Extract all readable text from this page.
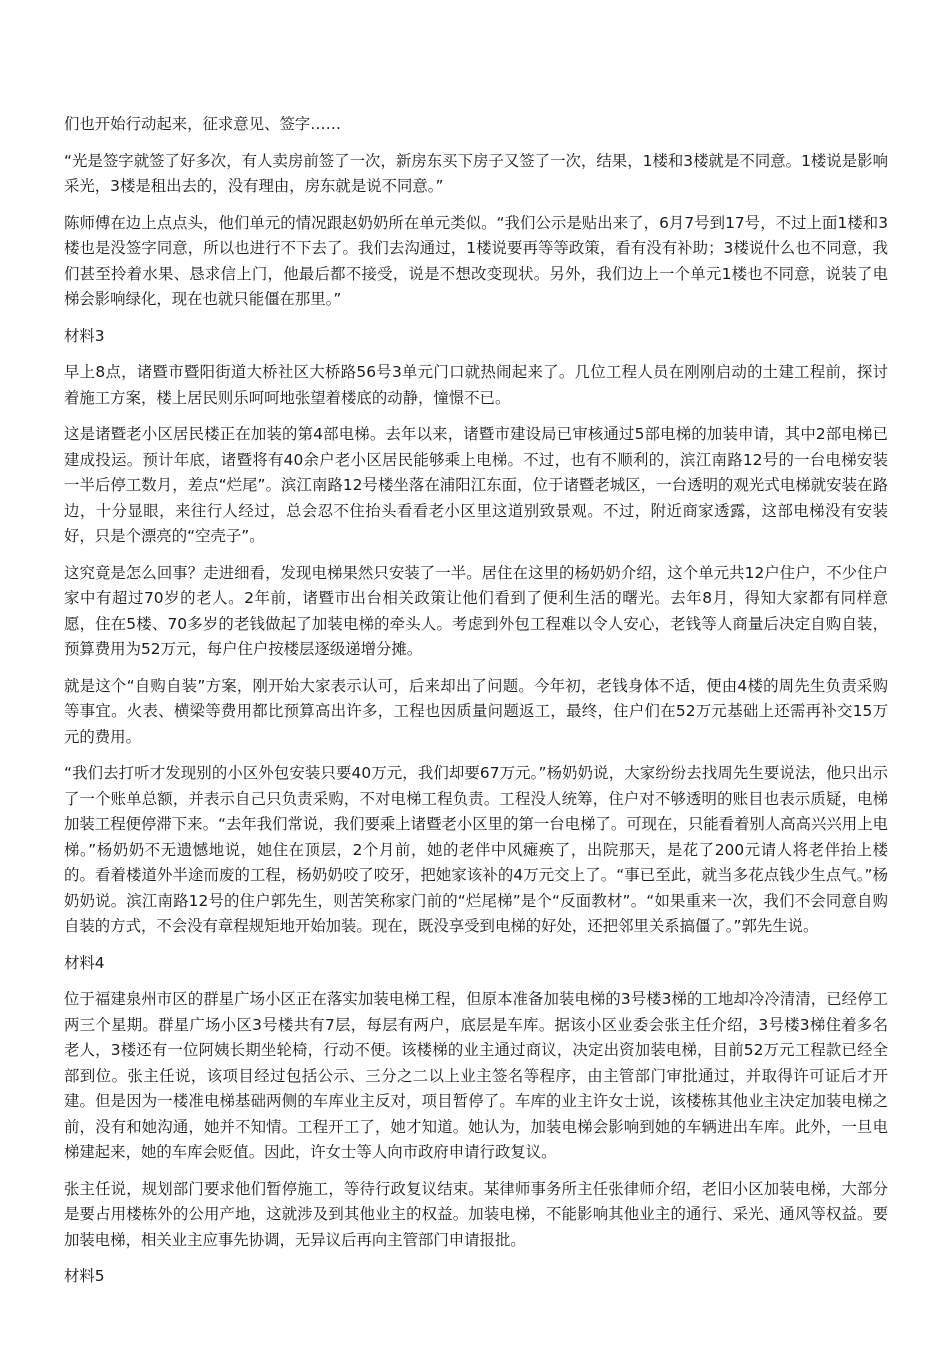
们也开始行动起来，征求意见、签字……

“光是签字就签了好多次，有人卖房前签了一次，新房东买下房子又签了一次，结果，1楼和3楼就是不同意。1楼说是影响采光，3楼是租出去的，没有理由，房东就是说不同意。”

陈师傅在边上点点头，他们单元的情况跟赵奶奶所在单元类似。“我们公示是贴出来了，6月7号到17号，不过上面1楼和3楼也是没签字同意，所以也进行不下去了。我们去沟通过，1楼说要再等等政策，看有没有补助；3楼说什么也不同意，我们甚至拎着水果、恳求信上门，他最后都不接受，说是不想改变现状。另外，我们边上一个单元1楼也不同意，说装了电梯会影响绿化，现在也就只能僵在那里。”

材料3

早上8点，诸暨市暨阳街道大桥社区大桥路56号3单元门口就热闹起来了。几位工程人员在刚刚启动的土建工程前，探讨着施工方案，楼上居民则乐呵呵地张望着楼底的动静，憧憬不已。

这是诸暨老小区居民楼正在加装的第4部电梯。去年以来，诸暨市建设局已审核通过5部电梯的加装申请，其中2部电梯已建成投运。预计年底，诸暨将有40余户老小区居民能够乘上电梯。不过，也有不顺利的，滨江南路12号的一台电梯安装一半后停工数月，差点“烂尾”。滨江南路12号楼坐落在浦阳江东面，位于诸暨老城区，一台透明的观光式电梯就安装在路边，十分显眼，来往行人经过，总会忍不住抬头看看老小区里这道别致景观。不过，附近商家透露，这部电梯没有安装好，只是个漂亮的“空壳子”。

这究竟是怎么回事？走进细看，发现电梯果然只安装了一半。居住在这里的杨奶奶介绍，这个单元共12户住户，不少住户家中有超过70岁的老人。2年前，诸暨市出台相关政策让他们看到了便利生活的曙光。去年8月，得知大家都有同样意愿，住在5楼、70多岁的老钱做起了加装电梯的牵头人。考虑到外包工程难以令人安心，老钱等人商量后决定自购自装，预算费用为52万元，每户住户按楼层逐级递增分摊。

就是这个“自购自装”方案，刚开始大家表示认可，后来却出了问题。今年初，老钱身体不适，便由4楼的周先生负责采购等事宜。火表、横梁等费用都比预算高出许多，工程也因质量问题返工，最终，住户们在52万元基础上还需再补交15万元的费用。

“我们去打听才发现别的小区外包安装只要40万元，我们却要67万元。”杨奶奶说，大家纷纷去找周先生要说法，他只出示了一个账单总额，并表示自己只负责采购，不对电梯工程负责。工程没人统筹，住户对不够透明的账目也表示质疑，电梯加装工程便停滞下来。“去年我们常说，我们要乘上诸暨老小区里的第一台电梯了。可现在，只能看着别人高高兴兴用上电梯。”杨奶奶不无遗憾地说，她住在顶层，2个月前，她的老伴中风瘫痪了，出院那天，是花了200元请人将老伴抬上楼的。看着楼道外半途而废的工程，杨奶奶咬了咬牙，把她家该补的4万元交上了。“事已至此，就当多花点钱少生点气。”杨奶奶说。滨江南路12号的住户郭先生，则苦笑称家门前的“烂尾梯”是个“反面教材”。“如果重来一次，我们不会同意自购自装的方式，不会没有章程规矩地开始加装。现在，既没享受到电梯的好处，还把邻里关系搞僵了。”郭先生说。

材料4

位于福建泉州市区的群星广场小区正在落实加装电梯工程，但原本准备加装电梯的3号楼3梯的工地却冷冷清清，已经停工两三个星期。群星广场小区3号楼共有7层，每层有两户，底层是车库。据该小区业委会张主任介绍，3号楼3梯住着多名老人，3楼还有一位阿姨长期坐轮椅，行动不便。该楼梯的业主通过商议，决定出资加装电梯，目前52万元工程款已经全部到位。张主任说，该项目经过包括公示、三分之二以上业主签名等程序，由主管部门审批通过，并取得许可证后才开建。但是因为一楼准电梯基础两侧的车库业主反对，项目暂停了。车库的业主许女士说，该楼栋其他业主决定加装电梯之前，没有和她沟通，她并不知情。工程开工了，她才知道。她认为，加装电梯会影响到她的车辆进出车库。此外，一旦电梯建起来，她的车库会贬值。因此，许女士等人向市政府申请行政复议。

张主任说，规划部门要求他们暂停施工，等待行政复议结束。某律师事务所主任张律师介绍，老旧小区加装电梯，大部分是要占用楼栋外的公用产地，这就涉及到其他业主的权益。加装电梯，不能影响其他业主的通行、采光、通风等权益。要加装电梯，相关业主应事先协调，无异议后再向主管部门申请报批。

材料5
